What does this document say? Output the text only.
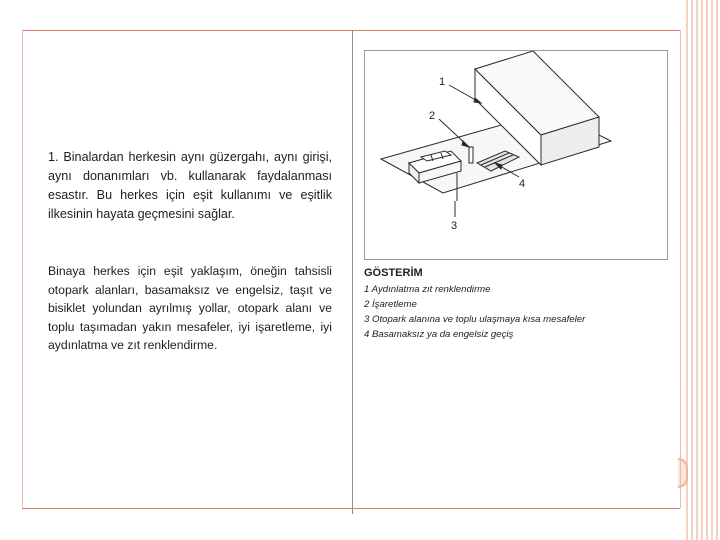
1. Binalardan herkesin aynı güzergahı, aynı girişi, aynı donanımları vb. kullanarak faydalanması esastır. Bu herkes için eşit kullanımı ve eşitlik ilkesinin hayata geçmesini sağlar.

Binaya herkes için eşit yaklaşım, öneğin tahsisli otopark alanları, basamaksız ve engelsiz, taşıt ve bisiklet yolundan ayrılmış yollar, otopark alanı ve toplu taşımadan yakın mesafeler, iyi işaretleme, iyi aydınlatma ve zıt renklendirme.

1
2
3
4
GÖSTERİM
1 Aydınlatma zıt renklendirme
2 İşaretleme
3 Otopark alanına ve toplu ulaşmaya kısa mesafeler
4 Basamaksız ya da engelsiz geçiş
